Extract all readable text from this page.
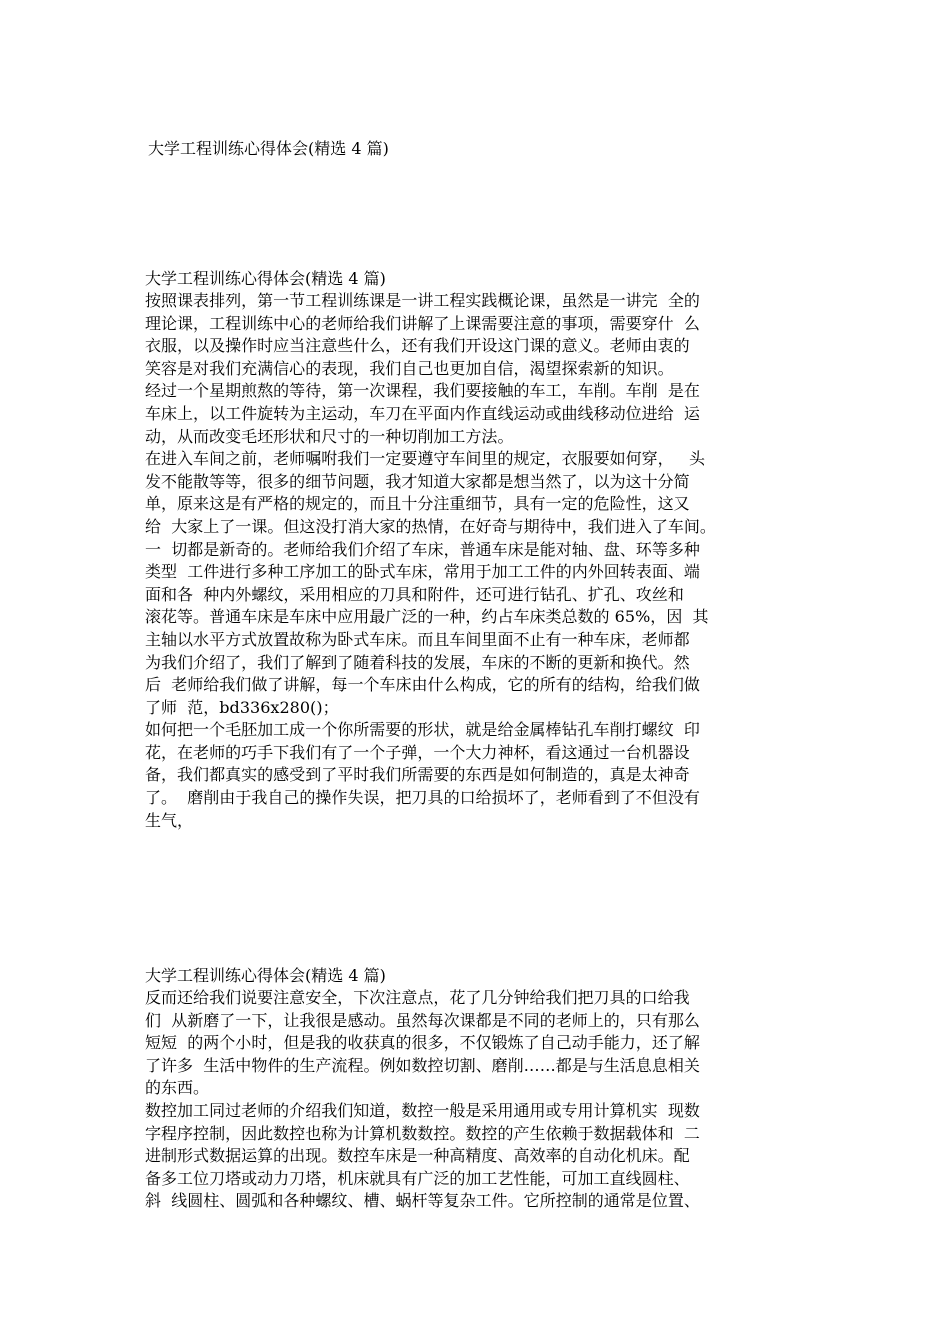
大学工程训练心得体会(精选 4 篇)
大学工程训练心得体会(精选 4 篇)
按照课表排列，第一节工程训练课是一讲工程实践概论课，虽然是一讲完  全的
理论课，工程训练中心的老师给我们讲解了上课需要注意的事项，需要穿什  么
衣服，以及操作时应当注意些什么，还有我们开设这门课的意义。老师由衷的
笑容是对我们充满信心的表现，我们自己也更加自信，渴望探索新的知识。
经过一个星期煎熬的等待，第一次课程，我们要接触的车工，车削。车削  是在
车床上，以工件旋转为主运动，车刀在平面内作直线运动或曲线移动位进给  运
动，从而改变毛坯形状和尺寸的一种切削加工方法。
在进入车间之前，老师嘱咐我们一定要遵守车间里的规定，衣服要如何穿，   头
发不能散等等，很多的细节问题，我才知道大家都是想当然了，以为这十分简
单，原来这是有严格的规定的，而且十分注重细节，具有一定的危险性，这又
给  大家上了一课。但这没打消大家的热情，在好奇与期待中，我们进入了车间。
一  切都是新奇的。老师给我们介绍了车床，普通车床是能对轴、盘、环等多种
类型  工件进行多种工序加工的卧式车床，常用于加工工件的内外回转表面、端
面和各  种内外螺纹，采用相应的刀具和附件，还可进行钻孔、扩孔、攻丝和
滚花等。普通车床是车床中应用最广泛的一种，约占车床类总数的 65%，因  其
主轴以水平方式放置故称为卧式车床。而且车间里面不止有一种车床，老师都
为我们介绍了，我们了解到了随着科技的发展，车床的不断的更新和换代。然
后  老师给我们做了讲解，每一个车床由什么构成，它的所有的结构，给我们做
了师  范，bd336x280()；
如何把一个毛胚加工成一个你所需要的形状，就是给金属棒钻孔车削打螺纹  印
花，在老师的巧手下我们有了一个子弹，一个大力神杯，看这通过一台机器设
备，我们都真实的感受到了平时我们所需要的东西是如何制造的，真是太神奇
了。  磨削由于我自己的操作失误，把刀具的口给损坏了，老师看到了不但没有
生气，
大学工程训练心得体会(精选 4 篇)
反而还给我们说要注意安全，下次注意点，花了几分钟给我们把刀具的口给我
们  从新磨了一下，让我很是感动。虽然每次课都是不同的老师上的，只有那么
短短  的两个小时，但是我的收获真的很多，不仅锻炼了自己动手能力，还了解
了许多  生活中物件的生产流程。例如数控切割、磨削……都是与生活息息相关
的东西。
数控加工同过老师的介绍我们知道，数控一般是采用通用或专用计算机实  现数
字程序控制，因此数控也称为计算机数数控。数控的产生依赖于数据载体和  二
进制形式数据运算的出现。数控车床是一种高精度、高效率的自动化机床。配
备多工位刀塔或动力刀塔，机床就具有广泛的加工艺性能，可加工直线圆柱、
斜  线圆柱、圆弧和各种螺纹、槽、蜗杆等复杂工件。它所控制的通常是位置、
